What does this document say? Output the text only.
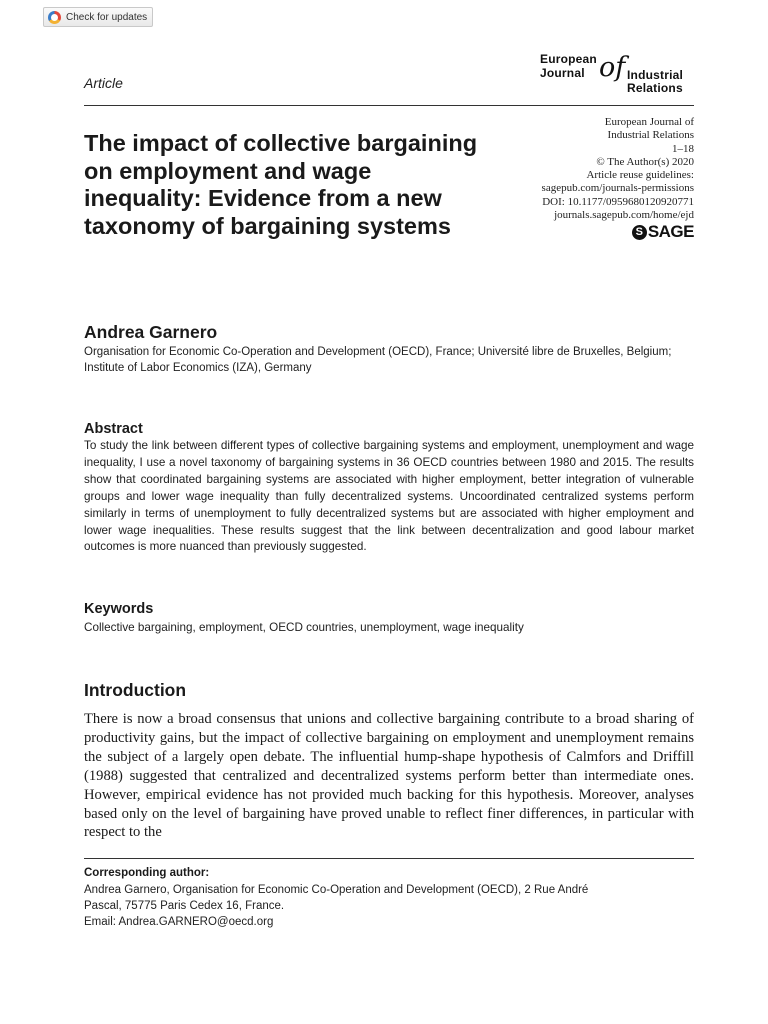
Check for updates
Article
European
Journal of Industrial
Relations
The impact of collective bargaining on employment and wage inequality: Evidence from a new taxonomy of bargaining systems
European Journal of
Industrial Relations
1–18
© The Author(s) 2020
Article reuse guidelines:
sagepub.com/journals-permissions
DOI: 10.1177/0959680120920771
journals.sagepub.com/home/ejd
S SAGE
Andrea Garnero
Organisation for Economic Co-Operation and Development (OECD), France; Université libre de Bruxelles, Belgium; Institute of Labor Economics (IZA), Germany
Abstract

To study the link between different types of collective bargaining systems and employment, unemployment and wage inequality, I use a novel taxonomy of bargaining systems in 36 OECD countries between 1980 and 2015. The results show that coordinated bargaining systems are associated with higher employment, better integration of vulnerable groups and lower wage inequality than fully decentralized systems. Uncoordinated centralized systems perform similarly in terms of unemployment to fully decentralized systems but are associated with higher employment and lower wage inequalities. These results suggest that the link between decentralization and good labour market outcomes is more nuanced than previously suggested.

Keywords
Collective bargaining, employment, OECD countries, unemployment, wage inequality
Introduction

There is now a broad consensus that unions and collective bargaining contribute to a broad sharing of productivity gains, but the impact of collective bargaining on employment and unemployment remains the subject of a largely open debate. The influential hump-shape hypothesis of Calmfors and Driffill (1988) suggested that centralized and decentralized systems perform better than intermediate ones. However, empirical evidence has not provided much backing for this hypothesis. Moreover, analyses based only on the level of bargaining have proved unable to reflect finer differences, in particular with respect to the

Corresponding author:
Andrea Garnero, Organisation for Economic Co-Operation and Development (OECD), 2 Rue André
Pascal, 75775 Paris Cedex 16, France.
Email: Andrea.GARNERO@oecd.org
